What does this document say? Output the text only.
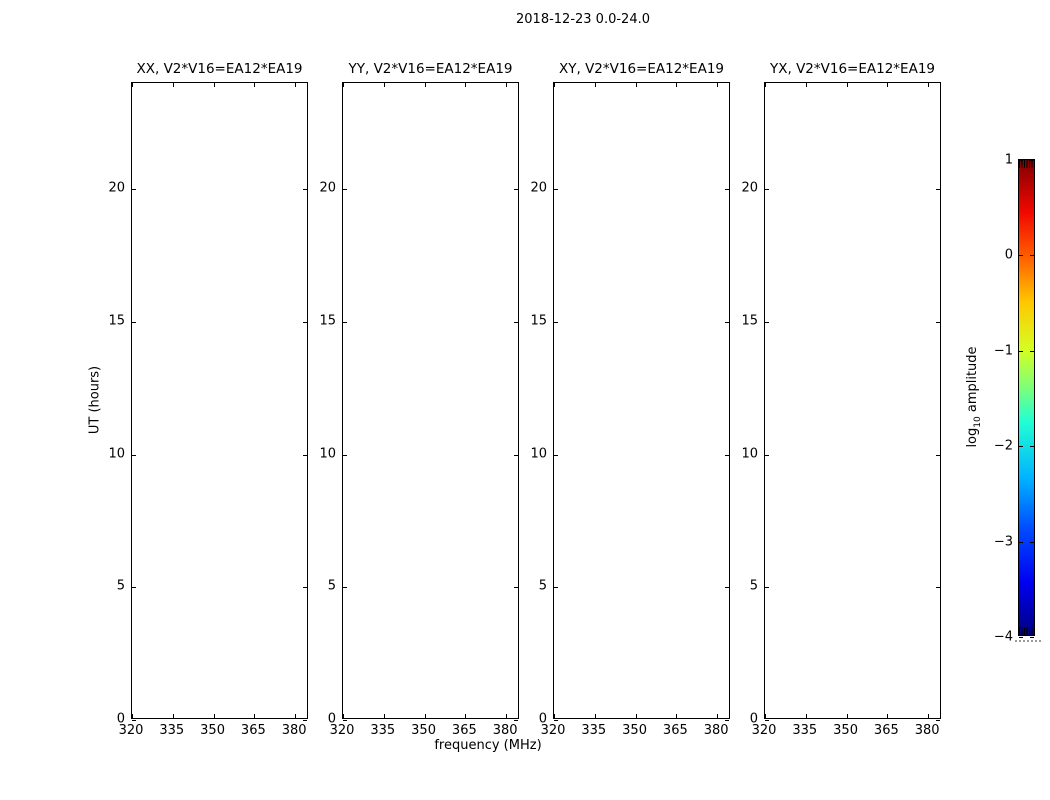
2018-12-23 0.0-24.0
UT (hours)
frequency (MHz)
XX, V2*V16=EA12*EA19
320 335 350 365 380
0
5
10
15
20
YY, V2*V16=EA12*EA19
320 335 350 365 380
0
5
10
15
20
XY, V2*V16=EA12*EA19
320 335 350 365 380
0
5
10
15
20
YX, V2*V16=EA12*EA19
320 335 350 365 380
0
5
10
15
20
1
0
−1
−2
−3
−4
$\log_{10}$ amplitude
